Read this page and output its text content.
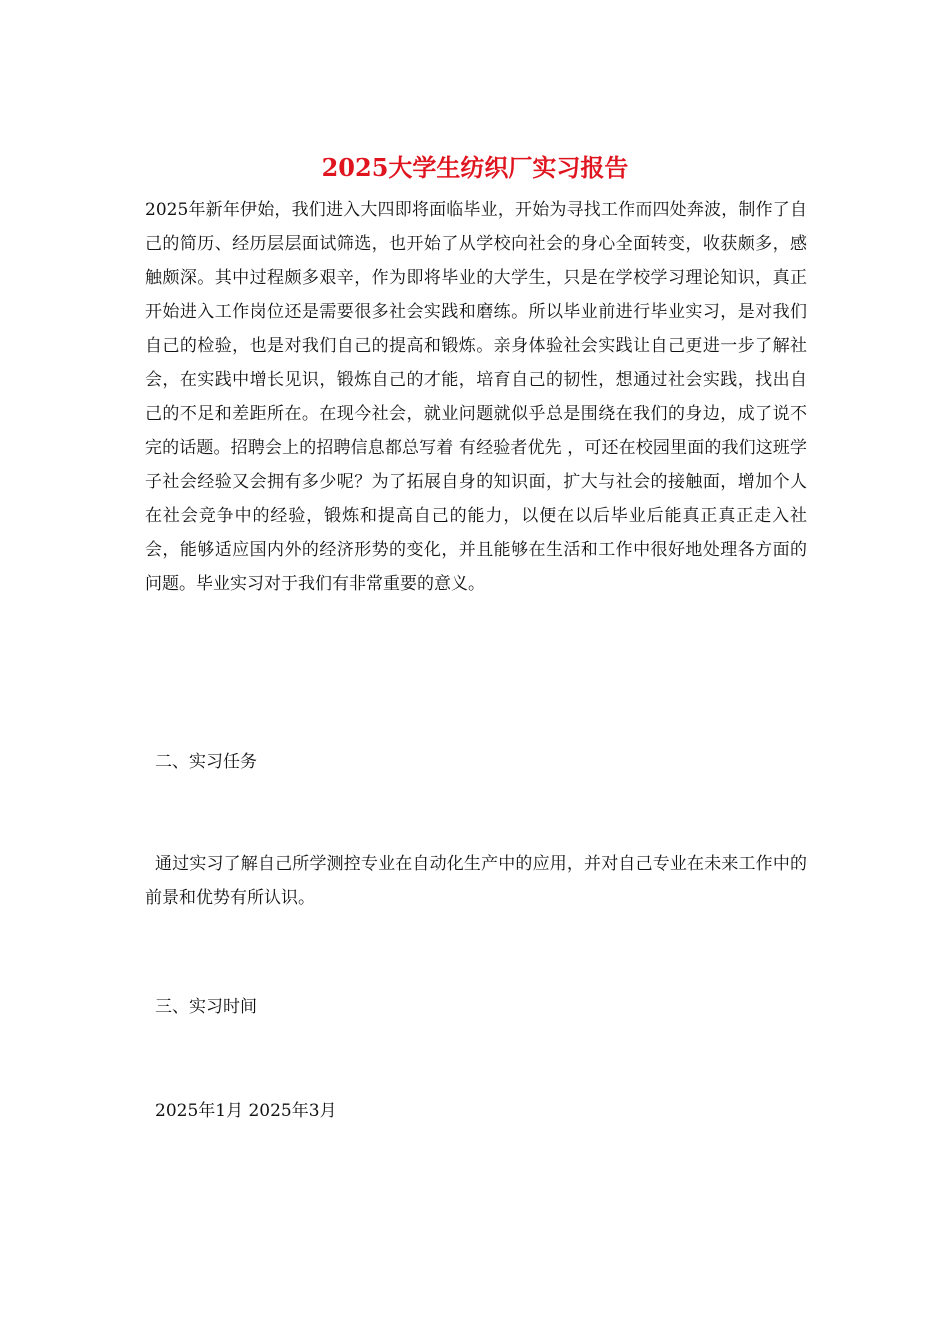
2025大学生纺织厂实习报告

2025年新年伊始，我们进入大四即将面临毕业，开始为寻找工作而四处奔波，制作了自己的简历、经历层层面试筛选，也开始了从学校向社会的身心全面转变，收获颇多，感触颇深。其中过程颇多艰辛，作为即将毕业的大学生，只是在学校学习理论知识，真正开始进入工作岗位还是需要很多社会实践和磨练。所以毕业前进行毕业实习，是对我们自己的检验，也是对我们自己的提高和锻炼。亲身体验社会实践让自己更进一步了解社会，在实践中增长见识，锻炼自己的才能，培育自己的韧性，想通过社会实践，找出自己的不足和差距所在。在现今社会，就业问题就似乎总是围绕在我们的身边，成了说不完的话题。招聘会上的招聘信息都总写着 有经验者优先 ，可还在校园里面的我们这班学子社会经验又会拥有多少呢？为了拓展自身的知识面，扩大与社会的接触面，增加个人在社会竞争中的经验，锻炼和提高自己的能力，以便在以后毕业后能真正真正走入社会，能够适应国内外的经济形势的变化，并且能够在生活和工作中很好地处理各方面的问题。毕业实习对于我们有非常重要的意义。

二、实习任务

通过实习了解自己所学测控专业在自动化生产中的应用，并对自己专业在未来工作中的前景和优势有所认识。

三、实习时间

2025年1月 2025年3月
